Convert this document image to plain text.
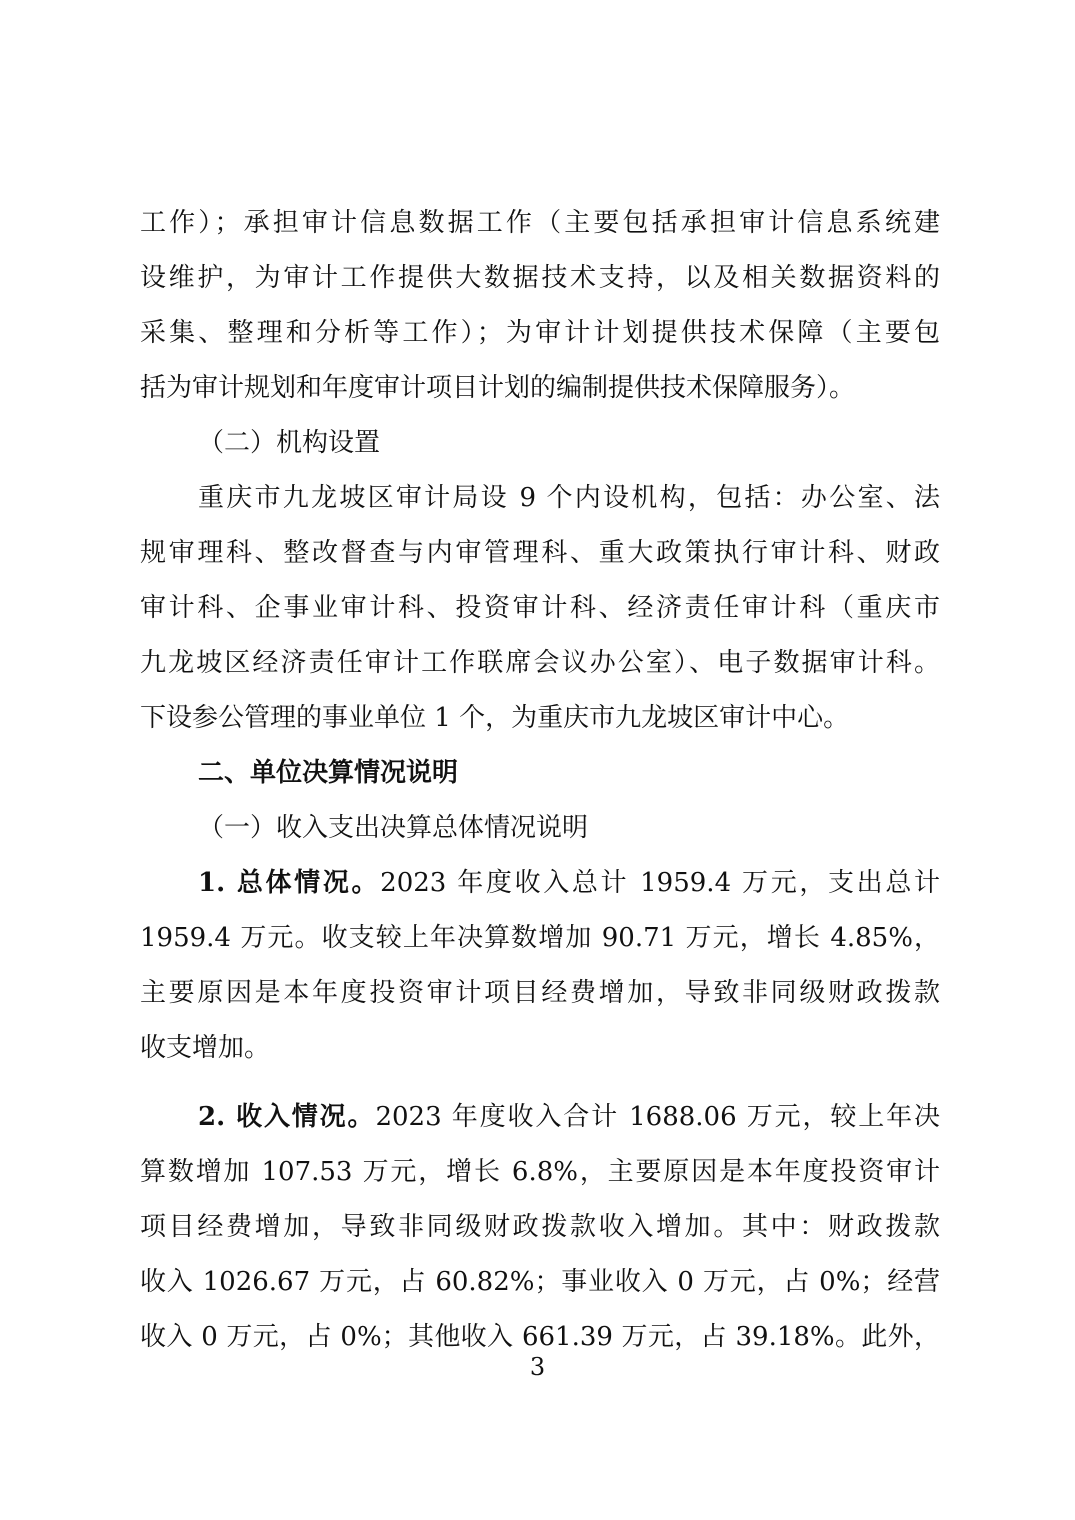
工作）；承担审计信息数据工作（主要包括承担审计信息系统建
设维护，为审计工作提供大数据技术支持，以及相关数据资料的
采集、整理和分析等工作）；为审计计划提供技术保障（主要包
括为审计规划和年度审计项目计划的编制提供技术保障服务）。
（二）机构设置
重庆市九龙坡区审计局设 9 个内设机构，包括：办公室、法
规审理科、整改督查与内审管理科、重大政策执行审计科、财政
审计科、企事业审计科、投资审计科、经济责任审计科（重庆市
九龙坡区经济责任审计工作联席会议办公室）、电子数据审计科。
下设参公管理的事业单位 1 个，为重庆市九龙坡区审计中心。
二、单位决算情况说明
（一）收入支出决算总体情况说明
1. 总体情况。2023 年度收入总计 1959.4 万元，支出总计
1959.4 万元。收支较上年决算数增加 90.71 万元，增长 4.85%，
主要原因是本年度投资审计项目经费增加，导致非同级财政拨款
收支增加。
2. 收入情况。2023 年度收入合计 1688.06 万元，较上年决
算数增加 107.53 万元，增长 6.8%，主要原因是本年度投资审计
项目经费增加，导致非同级财政拨款收入增加。其中：财政拨款
收入 1026.67 万元，占 60.82%；事业收入 0 万元，占 0%；经营
收入 0 万元，占 0%；其他收入 661.39 万元，占 39.18%。此外，
3
